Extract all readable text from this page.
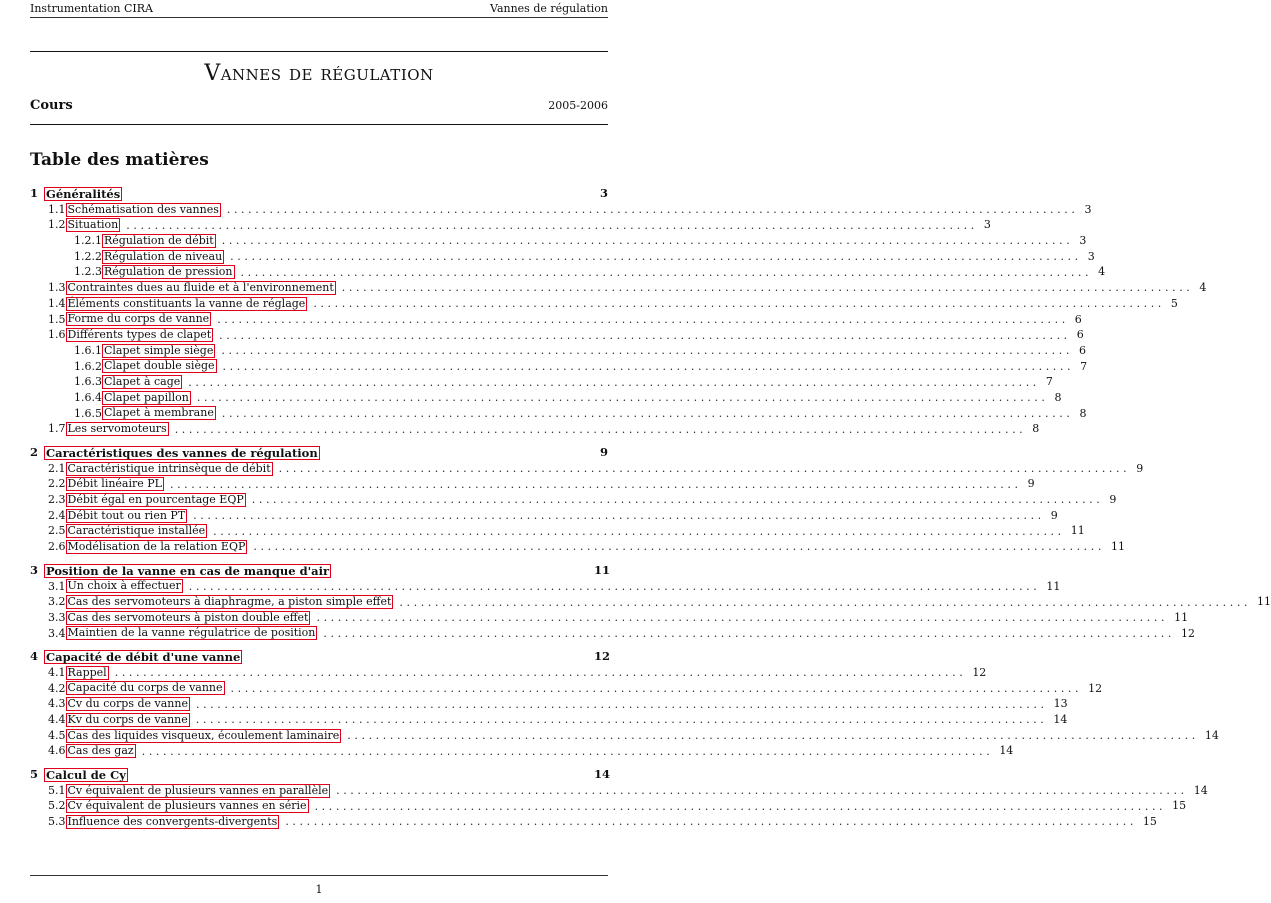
Instrumentation CIRA	Vannes de régulation
Vannes de régulation
Cours	2005-2006
Table des matières
1 Généralités	3
1.1 Schématisation des vannes ........................................................................................................................ 3
1.2 Situation ........................................................................................................................ 3
1.2.1 Régulation de débit ........................................................................................................................ 3
1.2.2 Régulation de niveau ........................................................................................................................ 3
1.2.3 Régulation de pression ........................................................................................................................ 4
1.3 Contraintes dues au fluide et à l'environnement ........................................................................................................................ 4
1.4 Éléments constituants la vanne de réglage ........................................................................................................................ 5
1.5 Forme du corps de vanne ........................................................................................................................ 6
1.6 Différents types de clapet ........................................................................................................................ 6
1.6.1 Clapet simple siège ........................................................................................................................ 6
1.6.2 Clapet double siège ........................................................................................................................ 7
1.6.3 Clapet à cage ........................................................................................................................ 7
1.6.4 Clapet papillon ........................................................................................................................ 8
1.6.5 Clapet à membrane ........................................................................................................................ 8
1.7 Les servomoteurs ........................................................................................................................ 8
2 Caractéristiques des vannes de régulation	9
2.1 Caractéristique intrinsèque de débit ........................................................................................................................ 9
2.2 Débit linéaire PL ........................................................................................................................ 9
2.3 Débit égal en pourcentage EQP ........................................................................................................................ 9
2.4 Débit tout ou rien PT ........................................................................................................................ 9
2.5 Caractéristique installée ........................................................................................................................ 11
2.6 Modélisation de la relation EQP ........................................................................................................................ 11
3 Position de la vanne en cas de manque d'air	11
3.1 Un choix à effectuer ........................................................................................................................ 11
3.2 Cas des servomoteurs à diaphragme, a piston simple effet ........................................................................................................................ 11
3.3 Cas des servomoteurs à piston double effet ........................................................................................................................ 11
3.4 Maintien de la vanne régulatrice de position ........................................................................................................................ 12
4 Capacité de débit d'une vanne	12
4.1 Rappel ........................................................................................................................ 12
4.2 Capacité du corps de vanne ........................................................................................................................ 12
4.3 Cv du corps de vanne ........................................................................................................................ 13
4.4 Kv du corps de vanne ........................................................................................................................ 14
4.5 Cas des liquides visqueux, écoulement laminaire ........................................................................................................................ 14
4.6 Cas des gaz ........................................................................................................................ 14
5 Calcul de Cy	14
5.1 Cv équivalent de plusieurs vannes en parallèle ........................................................................................................................ 14
5.2 Cv équivalent de plusieurs vannes en série ........................................................................................................................ 15
5.3 Influence des convergents-divergents ........................................................................................................................ 15
1
